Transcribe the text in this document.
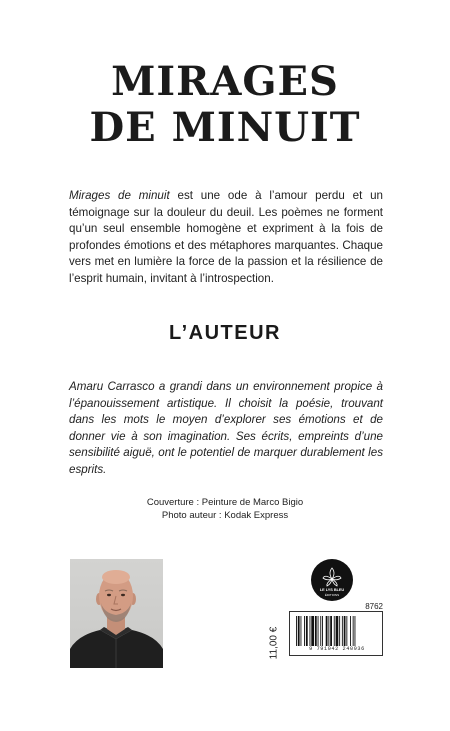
MIRAGES
DE MINUIT

Mirages de minuit est une ode à l’amour perdu et un témoignage sur la douleur du deuil. Les poèmes ne forment qu’un seul ensemble homogène et expriment à la fois de profondes émotions et des métaphores marquantes. Chaque vers met en lumière la force de la passion et la résilience de l’esprit humain, invitant à l’introspection.

L’AUTEUR

Amaru Carrasco a grandi dans un environnement propice à l’épanouissement artistique. Il choisit la poésie, trouvant dans les mots le moyen d’explorer ses émotions et de donner vie à son imagination. Ses écrits, empreints d’une sensibilité aiguë, ont le potentiel de marquer durablement les esprits.

Couverture : Peinture de Marco Bigio
Photo auteur : Kodak Express
LE LYS BLEU
ÉDITIONS
8762
11,00 €	9 791042 240936
